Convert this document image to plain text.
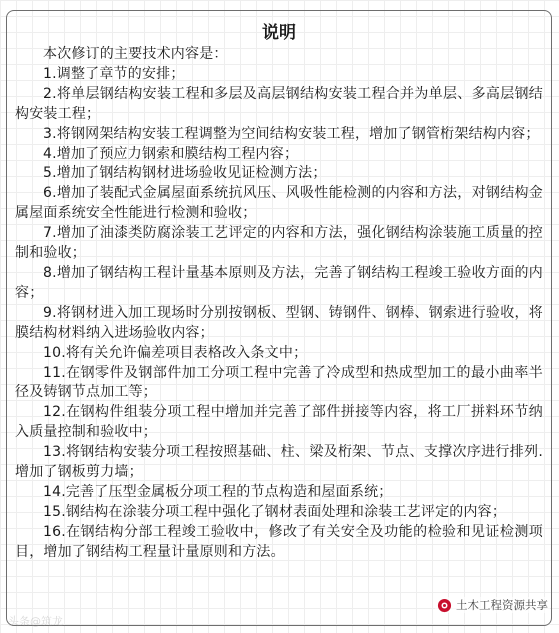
说明

本次修订的主要技术内容是：

1.调整了章节的安排；

2.将单层钢结构安装工程和多层及高层钢结构安装工程合并为单层、多高层钢结构安装工程；

3.将钢网架结构安装工程调整为空间结构安装工程，增加了钢管桁架结构内容；

4.增加了预应力钢索和膜结构工程内容；

5.增加了钢结构钢材进场验收见证检测方法；

6.增加了装配式金属屋面系统抗风压、风吸性能检测的内容和方法，对钢结构金属屋面系统安全性能进行检测和验收；

7.增加了油漆类防腐涂装工艺评定的内容和方法，强化钢结构涂装施工质量的控制和验收；

8.增加了钢结构工程计量基本原则及方法，完善了钢结构工程竣工验收方面的内容；

9.将钢材进入加工现场时分别按钢板、型钢、铸钢件、钢棒、钢索进行验收，将膜结构材料纳入进场验收内容；

10.将有关允许偏差项目表格改入条文中；

11.在钢零件及钢部件加工分项工程中完善了冷成型和热成型加工的最小曲率半径及铸钢节点加工等；

12.在钢构件组装分项工程中增加并完善了部件拼接等内容，将工厂拼料环节纳入质量控制和验收中；

13.将钢结构安装分项工程按照基础、柱、梁及桁架、节点、支撑次序进行排列.增加了钢板剪力墙；

14.完善了压型金属板分项工程的节点构造和屋面系统；

15.钢结构在涂装分项工程中强化了钢材表面处理和涂装工艺评定的内容；

16.在钢结构分部工程竣工验收中，修改了有关安全及功能的检验和见证检测项目，增加了钢结构工程量计量原则和方法。

头条@筑龙
土木工程资源共享
